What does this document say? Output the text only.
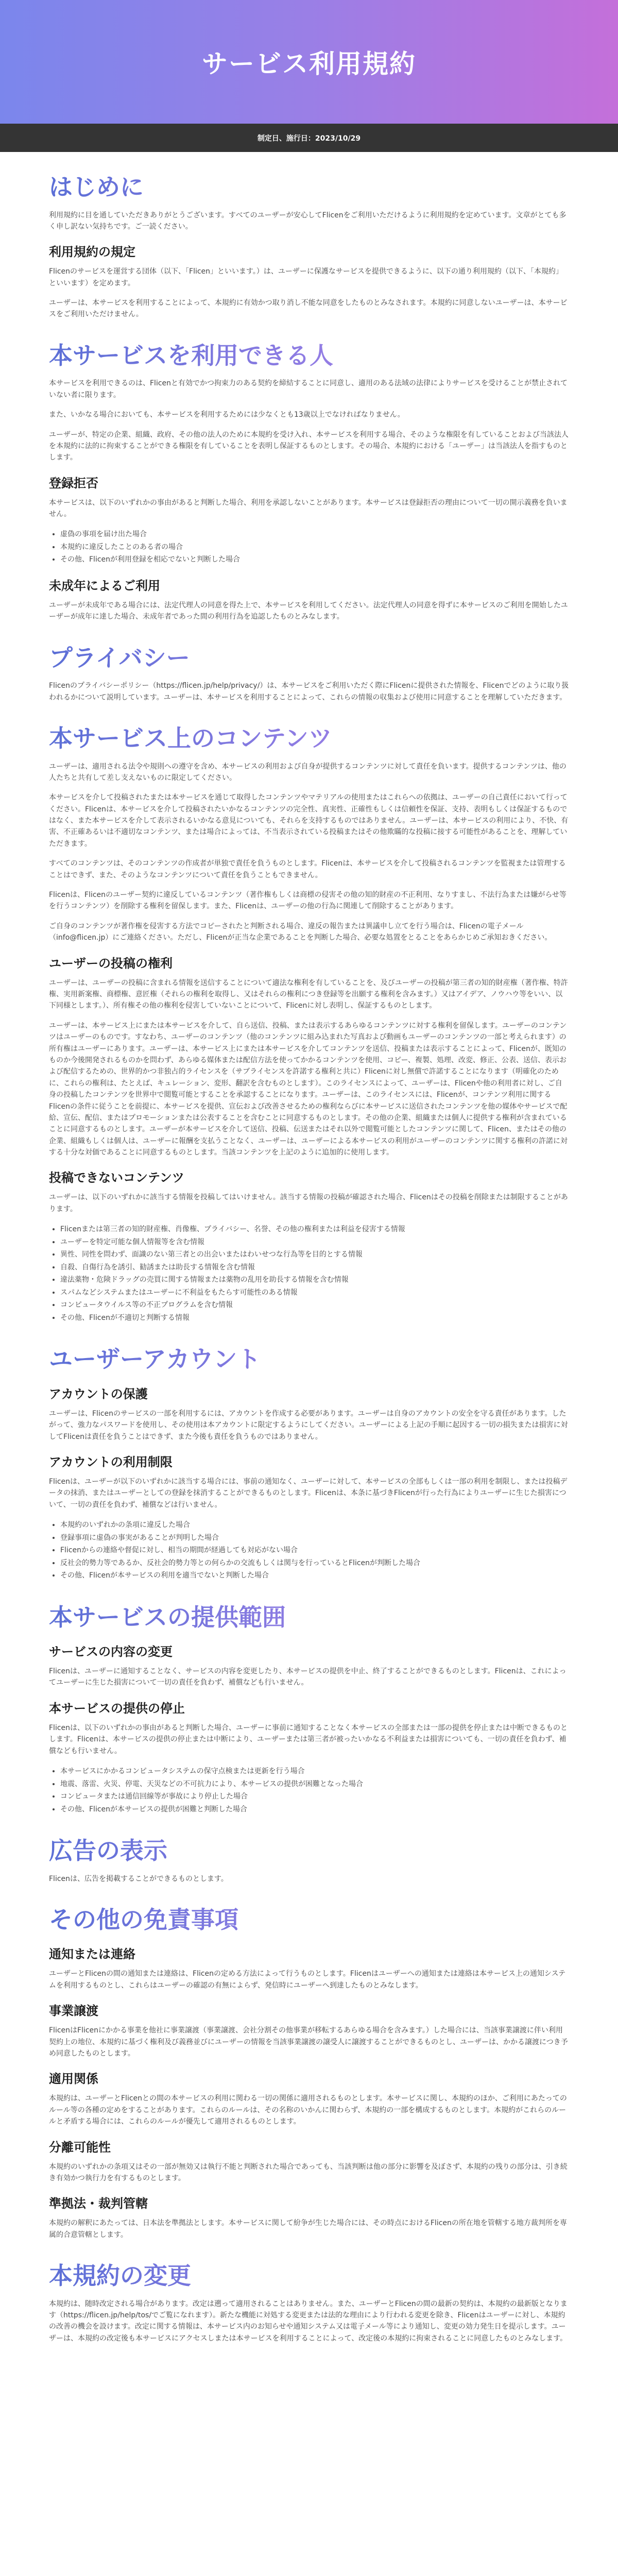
サービス利用規約
制定日、施行日：2023/10/29
はじめに

利用規約に目を通していただきありがとうございます。すべてのユーザーが安心してFlicenをご利用いただけるように利用規約を定めています。文章がとても多く申し訳ない気持ちです。ご一読ください。

利用規約の規定

Flicenのサービスを運営する団体（以下、「Flicen」といいます。）は、ユーザーに保護なサービスを提供できるように、以下の通り利用規約（以下、「本規約」といいます）を定めます。

ユーザーは、本サービスを利用することによって、本規約に有効かつ取り消し不能な同意をしたものとみなされます。本規約に同意しないユーザーは、本サービスをご利用いただけません。

本サービスを利用できる人

本サービスを利用できるのは、Flicenと有効でかつ拘束力のある契約を締結することに同意し、適用のある法域の法律によりサービスを受けることが禁止されていない者に限ります。

また、いかなる場合においても、本サービスを利用するためには少なくとも13歳以上でなければなりません。

ユーザーが、特定の企業、組織、政府、その他の法人のために本規約を受け入れ、本サービスを利用する場合、そのような権限を有していることおよび当該法人を本規約に法的に拘束することができる権限を有していることを表明し保証するものとします。その場合、本規約における「ユーザー」は当該法人を指すものとします。

登録拒否

本サービスは、以下のいずれかの事由があると判断した場合、利用を承認しないことがあります。本サービスは登録拒否の理由について一切の開示義務を負いません。

• 虚偽の事項を届け出た場合
• 本規約に違反したことのある者の場合
• その他、Flicenが利用登録を相応でないと判断した場合
未成年によるご利用

ユーザーが未成年である場合には、法定代理人の同意を得た上で、本サービスを利用してください。法定代理人の同意を得ずに本サービスのご利用を開始したユーザーが成年に達した場合、未成年者であった間の利用行為を追認したものとみなします。

プライバシー

Flicenのプライバシーポリシー（https://flicen.jp/help/privacy/）は、本サービスをご利用いただく際にFlicenに提供された情報を、Flicenでどのように取り扱われるかについて説明しています。ユーザーは、本サービスを利用することによって、これらの情報の収集および使用に同意することを理解していただきます。

本サービス上のコンテンツ

ユーザーは、適用される法令や規則への遵守を含め、本サービスの利用および自身が提供するコンテンツに対して責任を負います。提供するコンテンツは、他の人たちと共有して差し支えないものに限定してください。

本サービスを介して投稿されたまたは本サービスを通じて取得したコンテンツやマテリアルの使用またはこれらへの依拠は、ユーザーの自己責任において行ってください。Flicenは、本サービスを介して投稿されたいかなるコンテンツの完全性、真実性、正確性もしくは信頼性を保証、支持、表明もしくは保証するものではなく、また本サービスを介して表示されるいかなる意見についても、それらを支持するものではありません。ユーザーは、本サービスの利用により、不快、有害、不正確あるいは不適切なコンテンツ、または場合によっては、不当表示されている投稿またはその他欺瞞的な投稿に接する可能性があることを、理解していただきます。

すべてのコンテンツは、そのコンテンツの作成者が単独で責任を負うものとします。Flicenは、本サービスを介して投稿されるコンテンツを監視または管理することはできず、また、そのようなコンテンツについて責任を負うこともできません。

Flicenは、Flicenのユーザー契約に違反しているコンテンツ（著作権もしくは商標の侵害その他の知的財産の不正利用、なりすまし、不法行為または嫌がらせ等を行うコンテンツ）を削除する権利を留保します。また、Flicenは、ユーザーの他の行為に関連して削除することがあります。

ご自身のコンテンツが著作権を侵害する方法でコピーされたと判断される場合、違反の報告または異議申し立てを行う場合は、Flicenの電子メール（info@flicen.jp）にご連絡ください。ただし、Flicenが正当な企業であることを判断した場合、必要な処置をとることをあらかじめご承知おきください。

ユーザーの投稿の権利

ユーザーは、ユーザーの投稿に含まれる情報を送信することについて適法な権利を有していることを、及びユーザーの投稿が第三者の知的財産権（著作権、特許権、実用新案権、商標権、意匠権（それらの権利を取得し、又はそれらの権利につき登録等を出願する権利を含みます。）又はアイデア、ノウハウ等をいい、以下同様とします。）、所有権その他の権利を侵害していないことについて、Flicenに対し表明し、保証するものとします。

ユーザーは、本サービス上にまたは本サービスを介して、自ら送信、投稿、または表示するあらゆるコンテンツに対する権利を留保します。ユーザーのコンテンツはユーザーのものです。すなわち、ユーザーのコンテンツ（他のコンテンツに組み込まれた写真および動画もユーザーのコンテンツの一部と考えられます）の所有権はユーザーにあります。ユーザーは、本サービス上にまたは本サービスを介してコンテンツを送信、投稿または表示することによって、Flicenが、既知のものか今後開発されるものかを問わず、あらゆる媒体または配信方法を使ってかかるコンテンツを使用、コピー、複製、処理、改変、修正、公表、送信、表示および配信するための、世界的かつ非独占的ライセンスを（サブライセンスを許諾する権利と共に）Flicenに対し無償で許諾することになります（明確化のために、これらの権利は、たとえば、キュレーション、変形、翻訳を含むものとします）。このライセンスによって、ユーザーは、Flicenや他の利用者に対し、ご自身の投稿したコンテンツを世界中で閲覧可能とすることを承認することになります。ユーザーは、このライセンスには、Flicenが、コンテンツ利用に関するFlicenの条件に従うことを前提に、本サービスを提供、宣伝および改善させるための権利ならびに本サービスに送信されたコンテンツを他の媒体やサービスで配給、宣伝、配信、またはプロモーションまたは公表することを含むことに同意するものとします。その他の企業、組織または個人に提供する権利が含まれていることに同意するものとします。ユーザーが本サービスを介して送信、投稿、伝送またはそれ以外で閲覧可能としたコンテンツに関して、Flicen、またはその他の企業、組織もしくは個人は、ユーザーに報酬を支払うことなく、ユーザーは、ユーザーによる本サービスの利用がユーザーのコンテンツに関する権利の許諾に対する十分な対価であることに同意するものとします。当該コンテンツを上記のように追加的に使用します。

投稿できないコンテンツ

ユーザーは、以下のいずれかに該当する情報を投稿してはいけません。該当する情報の投稿が確認された場合、Flicenはその投稿を削除または制限することがあります。

• Flicenまたは第三者の知的財産権、肖像権、プライバシー、名誉、その他の権利または利益を侵害する情報
• ユーザーを特定可能な個人情報等を含む情報
• 異性、同性を問わず、面識のない第三者との出会いまたはわいせつな行為等を目的とする情報
• 自殺、自傷行為を誘引、勧誘または助長する情報を含む情報
• 違法薬物・危険ドラッグの売買に関する情報または薬物の乱用を助長する情報を含む情報
• スパムなどシステムまたはユーザーに不利益をもたらす可能性のある情報
• コンピュータウイルス等の不正プログラムを含む情報
• その他、Flicenが不適切と判断する情報
ユーザーアカウント
アカウントの保護

ユーザーは、Flicenのサービスの一部を利用するには、アカウントを作成する必要があります。ユーザーは自身のアカウントの安全を守る責任があります。したがって、強力なパスワードを使用し、その使用は本アカウントに限定するようにしてください。ユーザーによる上記の手順に起因する一切の損失または損害に対してFlicenは責任を負うことはできず、また今後も責任を負うものではありません。

アカウントの利用制限

Flicenは、ユーザーが以下のいずれかに該当する場合には、事前の通知なく、ユーザーに対して、本サービスの全部もしくは一部の利用を制限し、または投稿データの抹消、またはユーザーとしての登録を抹消することができるものとします。Flicenは、本条に基づきFlicenが行った行為によりユーザーに生じた損害について、一切の責任を負わず、補償などは行いません。

• 本規約のいずれかの条項に違反した場合
• 登録事項に虚偽の事実があることが判明した場合
• Flicenからの連絡や督促に対し、相当の期間が経過しても対応がない場合
• 反社会的勢力等であるか、反社会的勢力等との何らかの交流もしくは関与を行っているとFlicenが判断した場合
• その他、Flicenが本サービスの利用を適当でないと判断した場合
本サービスの提供範囲
サービスの内容の変更

Flicenは、ユーザーに通知することなく、サービスの内容を変更したり、本サービスの提供を中止、終了することができるものとします。Flicenは、これによってユーザーに生じた損害について一切の責任を負わず、補償なども行いません。

本サービスの提供の停止

Flicenは、以下のいずれかの事由があると判断した場合、ユーザーに事前に通知することなく本サービスの全部または一部の提供を停止または中断できるものとします。Flicenは、本サービスの提供の停止または中断により、ユーザーまたは第三者が被ったいかなる不利益または損害についても、一切の責任を負わず、補償なども行いません。

• 本サービスにかかるコンピュータシステムの保守点検または更新を行う場合
• 地震、落雷、火災、停電、天災などの不可抗力により、本サービスの提供が困難となった場合
• コンピュータまたは通信回線等が事故により停止した場合
• その他、Flicenが本サービスの提供が困難と判断した場合
広告の表示

Flicenは、広告を掲載することができるものとします。

その他の免責事項
通知または連絡

ユーザーとFlicenの間の通知または連絡は、Flicenの定める方法によって行うものとします。Flicenはユーザーへの通知または連絡は本サービス上の通知システムを利用するものとし、これらはユーザーの確認の有無によらず、発信時にユーザーへ到達したものとみなします。

事業譲渡

FlicenはFlicenにかかる事業を他社に事業譲渡（事業譲渡、会社分割その他事業が移転するあらゆる場合を含みます。）した場合には、当該事業譲渡に伴い利用契約上の地位、本規約に基づく権利及び義務並びにユーザーの情報を当該事業譲渡の譲受人に譲渡することができるものとし、ユーザーは、かかる譲渡につき予め同意したものとします。

適用関係

本規約は、ユーザーとFlicenとの間の本サービスの利用に関わる一切の関係に適用されるものとします。本サービスに関し、本規約のほか、ご利用にあたってのルール等の各種の定めをすることがあります。これらのルールは、その名称のいかんに関わらず、本規約の一部を構成するものとします。本規約がこれらのルールと矛盾する場合には、これらのルールが優先して適用されるものとします。

分離可能性

本規約のいずれかの条項又はその一部が無効又は執行不能と判断された場合であっても、当該判断は他の部分に影響を及ぼさず、本規約の残りの部分は、引き続き有効かつ執行力を有するものとします。

準拠法・裁判管轄

本規約の解釈にあたっては、日本法を準拠法とします。本サービスに関して紛争が生じた場合には、その時点におけるFlicenの所在地を管轄する地方裁判所を専属的合意管轄とします。

本規約の変更

本規約は、随時改定される場合があります。改定は遡って適用されることはありません。また、ユーザーとFlicenの間の最新の契約は、本規約の最新版となります（https://flicen.jp/help/tos/でご覧になれます）。新たな機能に対処する変更または法的な理由により行われる変更を除き、Flicenはユーザーに対し、本規約の改善の機会を設けます。改定に関する情報は、本サービス内のお知らせや通知システム又は電子メール等により通知し、変更の効力発生日を提示します。ユーザーは、本規約の改定後も本サービスにアクセスしまたは本サービスを利用することによって、改定後の本規約に拘束されることに同意したものとみなします。
